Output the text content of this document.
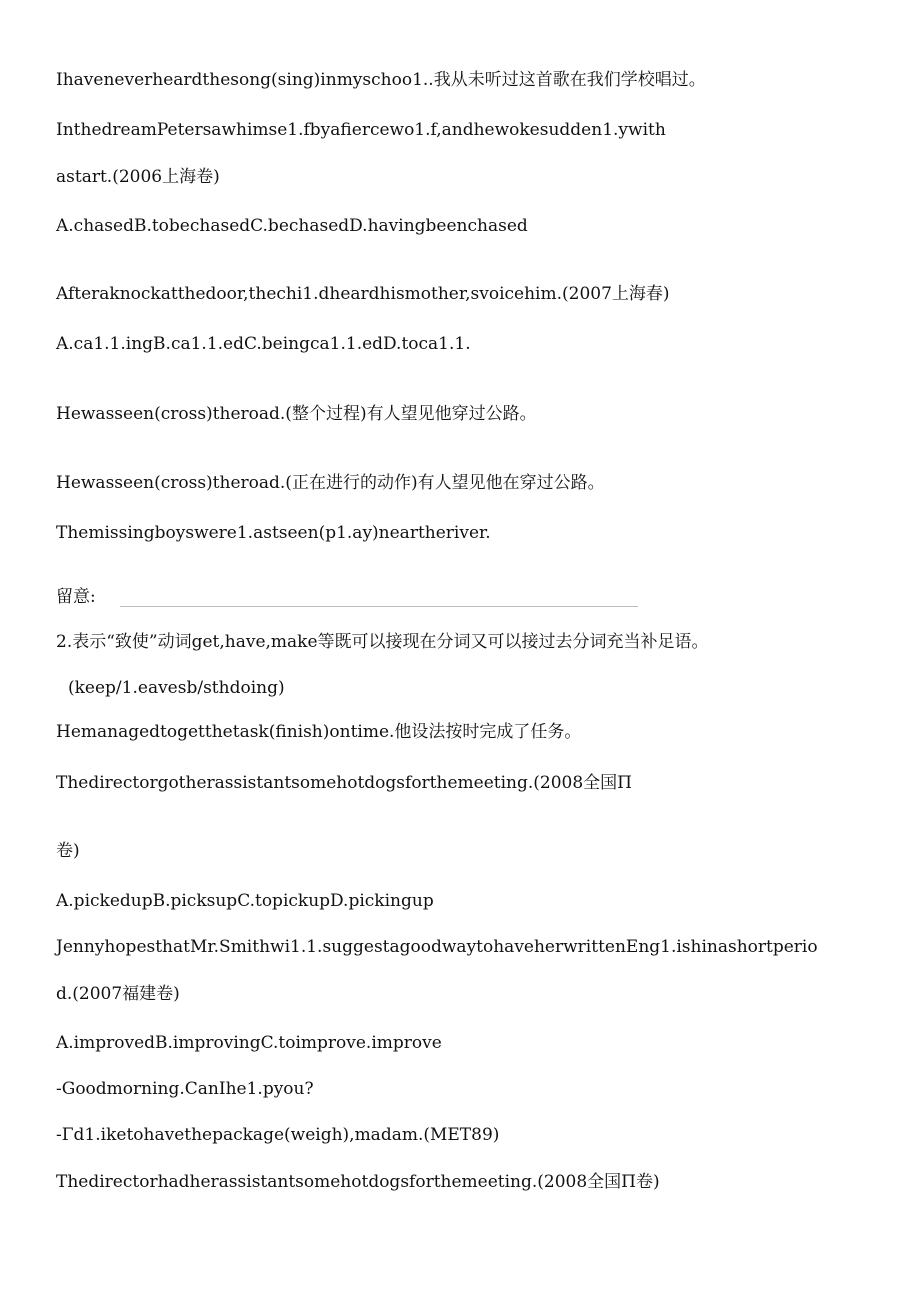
Ihaveneverheardthesong(sing)inmyschoo1..我从未听过这首歌在我们学校唱过。
InthedreamPetersawhimse1.fbyafiercewo1.f,andhewokesudden1.ywith
astart.(2006上海卷)
A.chasedB.tobechasedC.bechasedD.havingbeenchased
Afteraknockatthedoor,thechi1.dheardhismother,svoicehim.(2007上海春)
A.ca1.1.ingB.ca1.1.edC.beingca1.1.edD.toca1.1.
Hewasseen(cross)theroad.(整个过程)有人望见他穿过公路。
Hewasseen(cross)theroad.(正在进行的动作)有人望见他在穿过公路。
Themissingboyswere1.astseen(p1.ay)neartheriver.
留意:
2.表示“致使”动词get,have,make等既可以接现在分词又可以接过去分词充当补足语。
(keep/1.eavesb/sthdoing)
Hemanagedtogetthetask(finish)ontime.他设法按时完成了任务。
Thedirectorgotherassistantsomehotdogsforthemeeting.(2008全国Π
卷)
A.pickedupB.picksupC.topickupD.pickingup
JennyhopesthatMr.Smithwi1.1.suggestagoodwaytohaveherwrittenEng1.ishinashortperio
d.(2007福建卷)
A.improvedB.improvingC.toimprove.improve
-Goodmorning.CanIhe1.pyou?
-Γd1.iketohavethepackage(weigh),madam.(MET89)
Thedirectorhadherassistantsomehotdogsforthemeeting.(2008全国Π卷)
